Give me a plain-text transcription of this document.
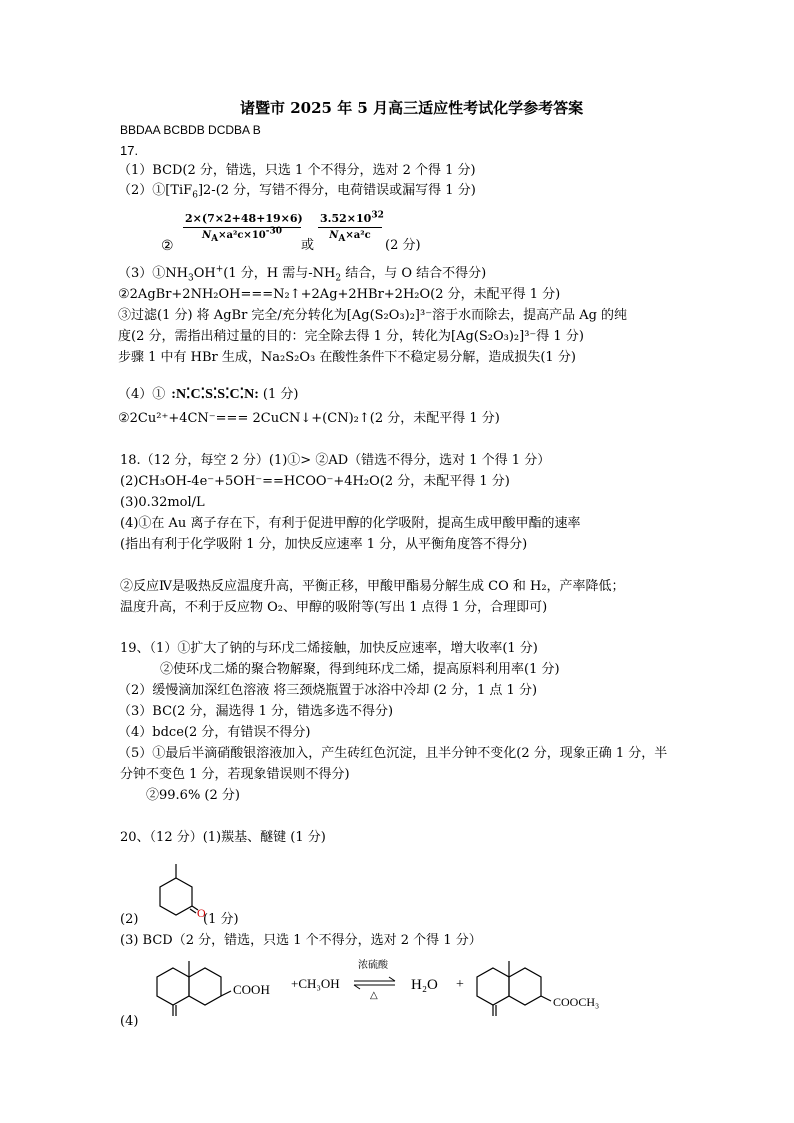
诸暨市 2025 年 5 月高三适应性考试化学参考答案
BBDAA BCBDB DCDBA B
17.
（1）BCD(2 分，错选，只选 1 个不得分，选对 2 个得 1 分)
（2）①[TiF$_6$]2-(2 分，写错不得分，电荷错误或漏写得 1 分)
②
$\frac{2\times(7\times 2+48+19\times 6)}{N_A\times a^2c\times 10^{-30}}$
或
$\frac{3.52\times 10^{32}}{N_A\times a^2c}$
(2 分)
$(3)①NH_3OH^+(1$ 分，H 需与$-NH_2$ 结合，与 O 结合不得分)
②2AgBr+2NH₂OH===N₂↑+2Ag+2HBr+2H₂O(2 分，未配平得 1 分)
③过滤(1 分) 将 AgBr 完全/充分转化为[Ag(S₂O₃)₂]³⁻溶于水而除去，提高产品 Ag 的纯
度(2 分，需指出稍过量的目的：完全除去得 1 分，转化为[Ag(S₂O₃)₂]³⁻得 1 分)
步骤 1 中有 HBr 生成，Na₂S₂O₃ 在酸性条件下不稳定易分解，造成损失(1 分)
（4）① :N⁚C⁚S⁚S⁚C⁚N: (1 分)
②2Cu²⁺+4CN⁻=== 2CuCN↓+(CN)₂↑(2 分，未配平得 1 分)
18.（12 分，每空 2 分）(1)①> ②AD（错选不得分，选对 1 个得 1 分）
(2)CH₃OH-4e⁻+5OH⁻==HCOO⁻+4H₂O(2 分，未配平得 1 分)
(3)0.32mol/L
(4)①在 Au 离子存在下，有利于促进甲醇的化学吸附，提高生成甲酸甲酯的速率
(指出有利于化学吸附 1 分，加快反应速率 1 分，从平衡角度答不得分)
②反应Ⅳ是吸热反应温度升高，平衡正移，甲酸甲酯易分解生成 CO 和 H₂，产率降低；
温度升高，不利于反应物 O₂、甲醇的吸附等(写出 1 点得 1 分，合理即可)
19、（1）①扩大了钠的与环戊二烯接触，加快反应速率，增大收率(1 分)
②使环戊二烯的聚合物解聚，得到纯环戊二烯，提高原料利用率(1 分)
（2）缓慢滴加深红色溶液 将三颈烧瓶置于冰浴中冷却 (2 分，1 点 1 分)
（3）BC(2 分，漏选得 1 分，错选多选不得分)
（4）bdce(2 分，有错误不得分)
（5）①最后半滴硝酸银溶液加入，产生砖红色沉淀，且半分钟不变化(2 分，现象正确 1 分，半
分钟不变色 1 分，若现象错误则不得分)
②99.6% (2 分)
20、（12 分）(1)羰基、醚键 (1 分)
O
(2)	(1 分)
(3) BCD（2 分，错选，只选 1 个不得分，选对 2 个得 1 分）
COOH +CH₃OH
浓硫酸
△
H₂O +
COOCH₃
(4)
